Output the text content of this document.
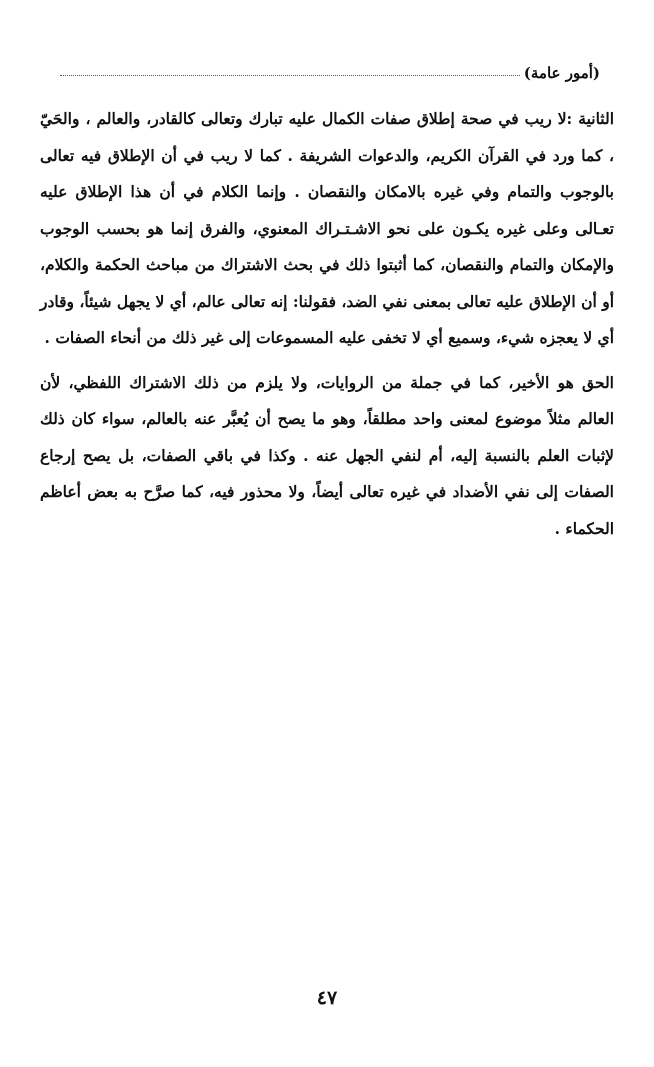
(أمور عامة)

الثانية :لا ريب في صحة إطلاق صفات الكمال عليه تبارك وتعالى كالقادر، والعالم ، والحَيّ ، كما ورد في القرآن الكريم، والدعوات الشريفة . كما لا ريب في أن الإطلاق فيه تعالى بالوجوب والتمام وفي غيره بالامكان والنقصان . وإنما الكلام في أن هذا الإطلاق عليه تعـالى وعلى غيره يكـون على نحو الاشـتـراك المعنوي، والفرق إنما هو بحسب الوجوب والإمكان والتمام والنقصان، كما أثبتوا ذلك في بحث الاشتراك من مباحث الحكمة والكلام، أو أن الإطلاق عليه تعالى بمعنى نفي الضد، فقولنا: إنه تعالى عالم، أي لا يجهل شيئاً، وقادر أي لا يعجزه شيء، وسميع أي لا تخفى عليه المسموعات إلى غير ذلك من أنحاء الصفات .

الحق هو الأخير، كما في جملة من الروايات، ولا يلزم من ذلك الاشتراك اللفظي، لأن العالم مثلاً موضوع لمعنى واحد مطلقاً، وهو ما يصح أن يُعبَّر عنه بالعالم، سواء كان ذلك لإثبات العلم بالنسبة إليه، أم لنفي الجهل عنه . وكذا في باقي الصفات، بل يصح إرجاع الصفات إلى نفي الأضداد في غيره تعالى أيضاً، ولا محذور فيه، كما صرَّح به بعض أعاظم الحكماء .

٤٧
